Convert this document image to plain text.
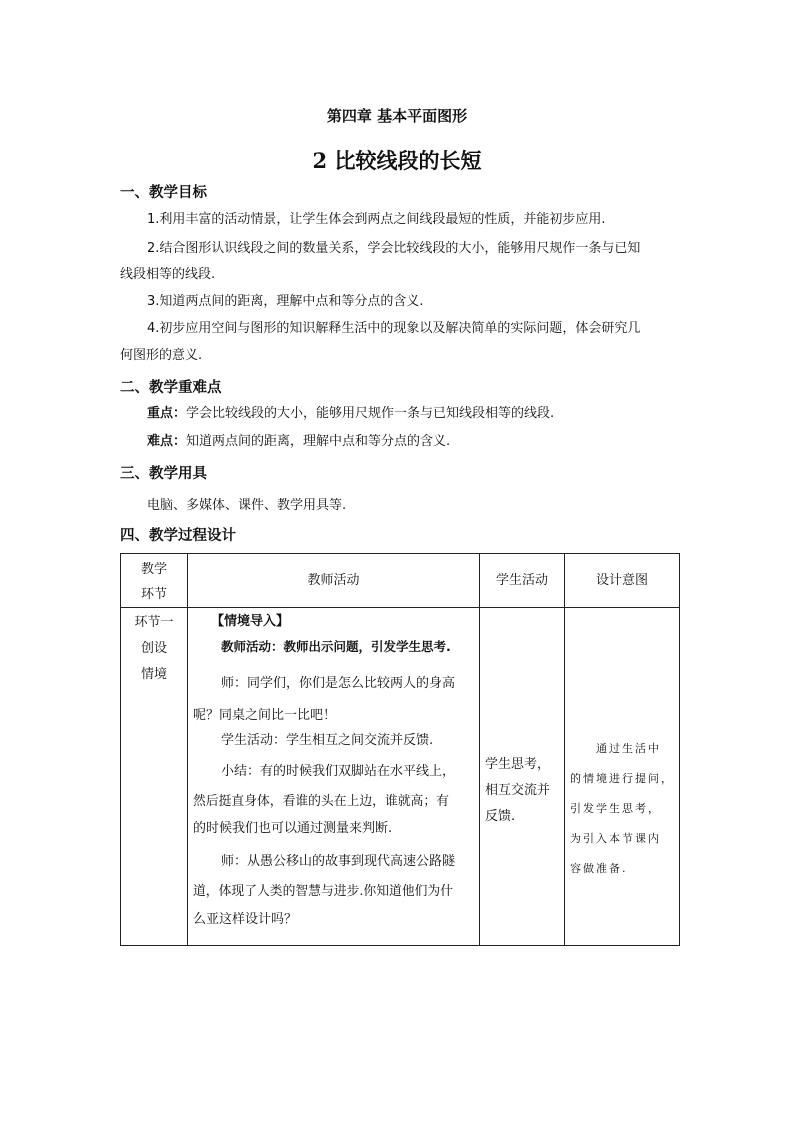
第四章 基本平面图形
2 比较线段的长短
一、教学目标
1.利用丰富的活动情景，让学生体会到两点之间线段最短的性质，并能初步应用.
2.结合图形认识线段之间的数量关系，学会比较线段的大小，能够用尺规作一条与已知
线段相等的线段.
3.知道两点间的距离，理解中点和等分点的含义.
4.初步应用空间与图形的知识解释生活中的现象以及解决简单的实际问题，体会研究几
何图形的意义.
二、教学重难点
重点：学会比较线段的大小，能够用尺规作一条与已知线段相等的线段.
难点：知道两点间的距离，理解中点和等分点的含义.
三、教学用具
电脑、多媒体、课件、教学用具等.
四、教学过程设计
教学
环节
教师活动	学生活动	设计意图
环节一
创设
情境
【情境导入】
教师活动：教师出示问题，引发学生思考.
师：同学们，你们是怎么比较两人的身高
呢？同桌之间比一比吧！
学生活动：学生相互之间交流并反馈.
小结：有的时候我们双脚站在水平线上，
然后挺直身体，看谁的头在上边，谁就高；有
的时候我们也可以通过测量来判断.
师：从愚公移山的故事到现代高速公路隧
道，体现了人类的智慧与进步.你知道他们为什
么亚这样设计吗？
学生思考，
相互交流并
反馈.
通过生活中
的情境进行提问，
引发学生思考，
为引入本节课内
容做准备.
